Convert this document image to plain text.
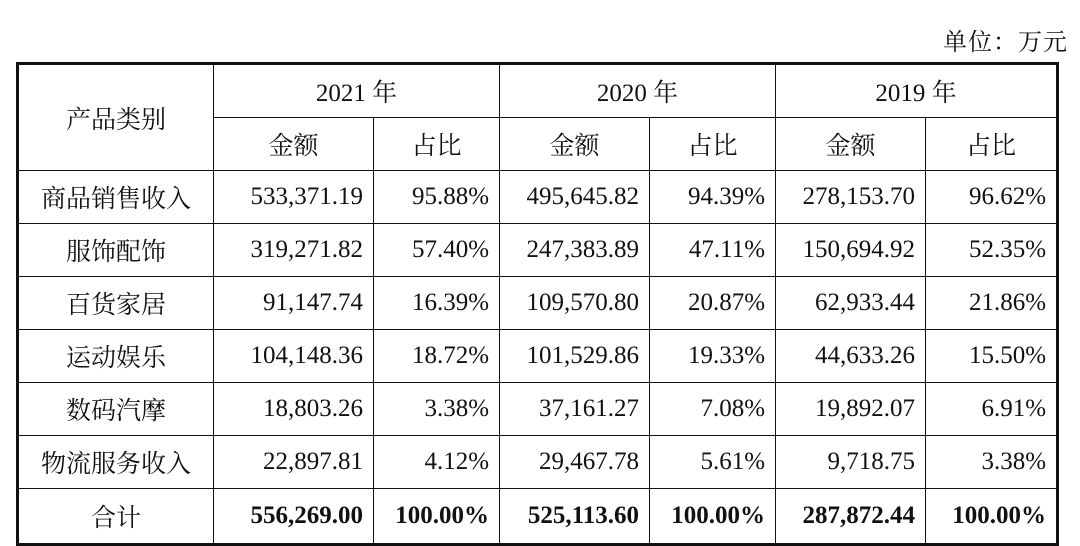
单位：万元
产品类别	2021 年		2020 年		2019 年	
	金额	占比	金额	占比	金额	占比
商品销售收入	533,371.19	95.88%	495,645.82	94.39%	278,153.70	96.62%
服饰配饰	319,271.82	57.40%	247,383.89	47.11%	150,694.92	52.35%
百货家居	91,147.74	16.39%	109,570.80	20.87%	62,933.44	21.86%
运动娱乐	104,148.36	18.72%	101,529.86	19.33%	44,633.26	15.50%
数码汽摩	18,803.26	3.38%	37,161.27	7.08%	19,892.07	6.91%
物流服务收入	22,897.81	4.12%	29,467.78	5.61%	9,718.75	3.38%
合计	556,269.00	100.00%	525,113.60	100.00%	287,872.44	100.00%
